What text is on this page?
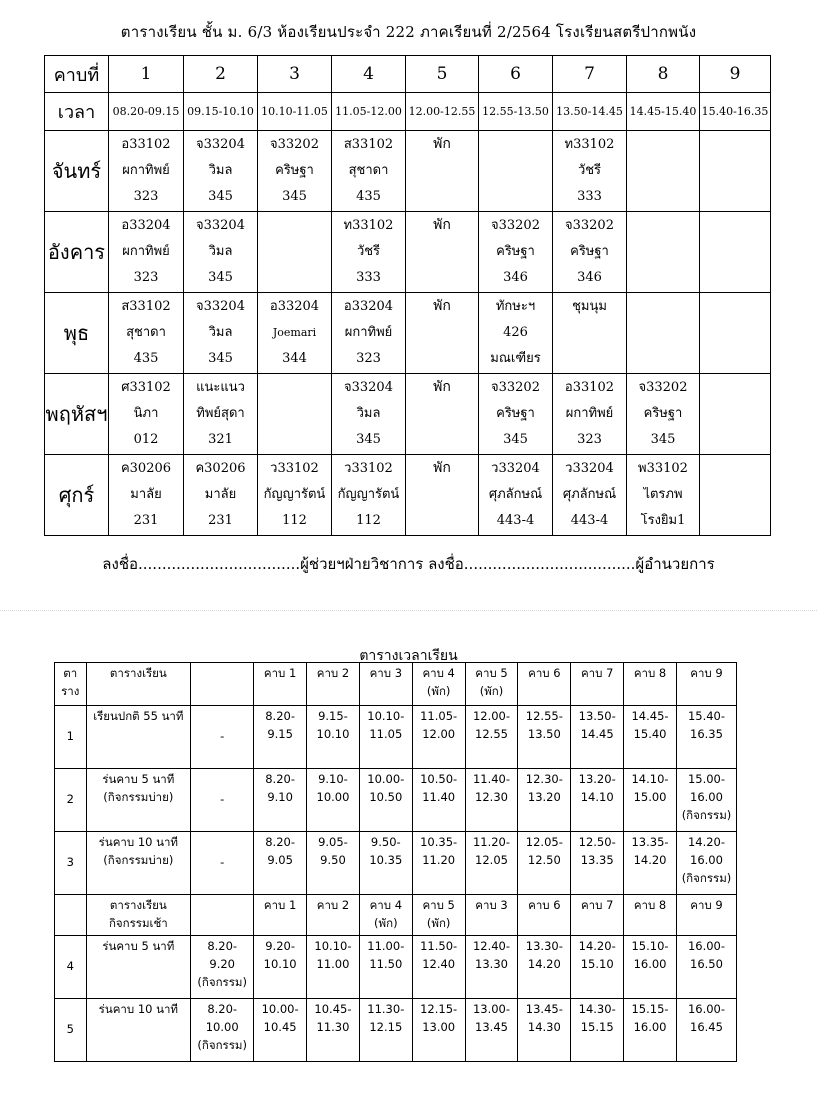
ตารางเรียน ชั้น ม. 6/3 ห้องเรียนประจำ 222 ภาคเรียนที่ 2/2564 โรงเรียนสตรีปากพนัง
คาบที่	1	2	3	4	5	6	7	8	9
เวลา	08.20-09.15	09.15-10.10	10.10-11.05	11.05-12.00	12.00-12.55	12.55-13.50	13.50-14.45	14.45-15.40	15.40-16.35
จันทร์	อ33102
ผกาทิพย์
323	จ33204
วิมล
345	จ33202
คริษฐา
345	ส33102
สุชาดา
435	พัก		ท33102
วัชรี
333		

อังคาร	อ33204
ผกาทิพย์
323	จ33204
วิมล
345		ท33102
วัชรี
333	พัก	จ33202
คริษฐา
346	จ33202
คริษฐา
346		

พุธ	ส33102
สุชาดา
435	จ33204
วิมล
345	อ33204
Joemari
344	อ33204
ผกาทิพย์
323	พัก	ทักษะฯ
426
มณเฑียร	ชุมนุม		

พฤหัสฯ	ศ33102
นิภา
012	แนะแนว
ทิพย์สุดา
321		จ33204
วิมล
345	พัก	จ33202
คริษฐา
345	อ33102
ผกาทิพย์
323	จ33202
คริษฐา
345	

ศุกร์	ค30206
มาลัย
231	ค30206
มาลัย
231	ว33102
กัญญารัตน์
112	ว33102
กัญญารัตน์
112	พัก	ว33204
ศุภลักษณ์
443-4	ว33204
ศุภลักษณ์
443-4	พ33102
ไตรภพ
โรงยิม1	

ลงชื่อ..................................ผู้ช่วยฯฝ่ายวิชาการ ลงชื่อ....................................ผู้อำนวยการ
ตารางเวลาเรียน
ตา ราง	ตารางเรียน		คาบ 1	คาบ 2	คาบ 3	คาบ 4 (พัก)	คาบ 5 (พัก)	คาบ 6	คาบ 7	คาบ 8	คาบ 9
1	เรียนปกติ 55 นาที	-	8.20- 9.15	9.15- 10.10	10.10- 11.05	11.05- 12.00	12.00- 12.55	12.55- 13.50	13.50- 14.45	14.45- 15.40	15.40- 16.35
2	ร่นคาบ 5 นาที (กิจกรรมบ่าย)	-	8.20- 9.10	9.10- 10.00	10.00- 10.50	10.50- 11.40	11.40- 12.30	12.30- 13.20	13.20- 14.10	14.10- 15.00	15.00- 16.00 (กิจกรรม)
3	ร่นคาบ 10 นาที (กิจกรรมบ่าย)	-	8.20- 9.05	9.05- 9.50	9.50- 10.35	10.35- 11.20	11.20- 12.05	12.05- 12.50	12.50- 13.35	13.35- 14.20	14.20- 16.00 (กิจกรรม)
	ตารางเรียน กิจกรรมเช้า		คาบ 1	คาบ 2	คาบ 4 (พัก)	คาบ 5 (พัก)	คาบ 3	คาบ 6	คาบ 7	คาบ 8	คาบ 9
4	ร่นคาบ 5 นาที	8.20- 9.20 (กิจกรรม)	9.20- 10.10	10.10- 11.00	11.00- 11.50	11.50- 12.40	12.40- 13.30	13.30- 14.20	14.20- 15.10	15.10- 16.00	16.00- 16.50
5	ร่นคาบ 10 นาที	8.20- 10.00 (กิจกรรม)	10.00- 10.45	10.45- 11.30	11.30- 12.15	12.15- 13.00	13.00- 13.45	13.45- 14.30	14.30- 15.15	15.15- 16.00	16.00- 16.45
